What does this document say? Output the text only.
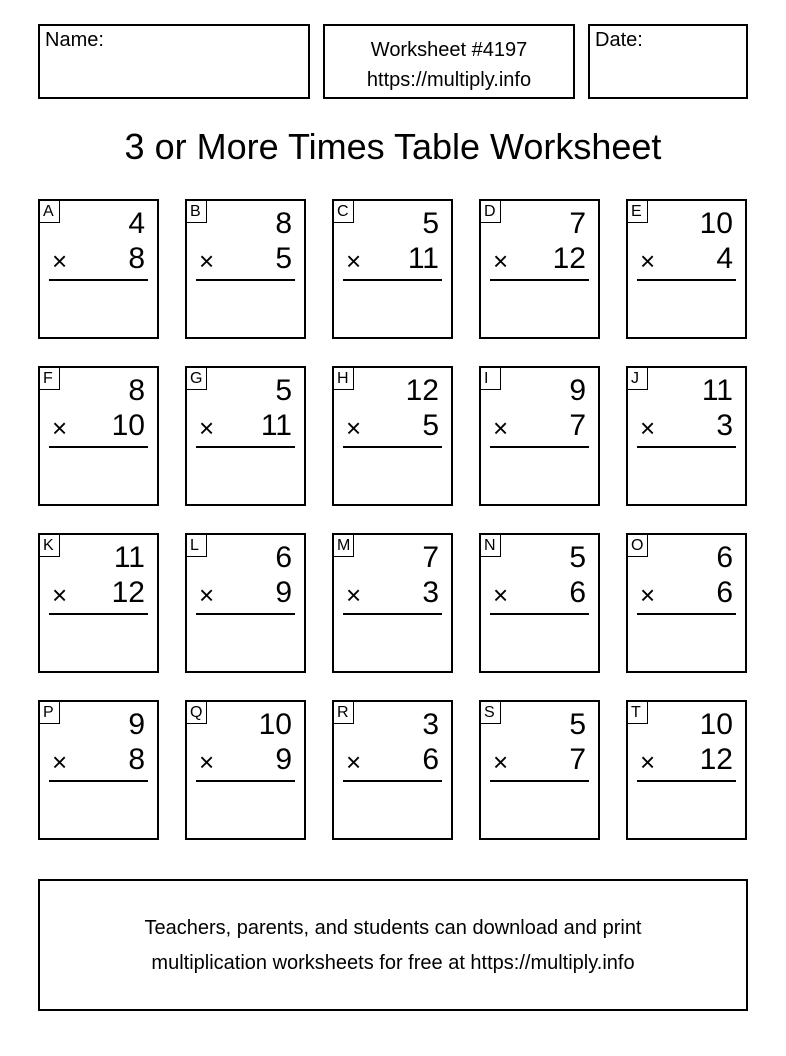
Name:	Worksheet #4197
https://multiply.info
Date:
3 or More Times Table Worksheet
A 4
× 8
B 8
× 5
C 5
× 11
D 7
× 12
E 10
× 4
F	8
× 10
G 5
× 11
H 12
× 5
I	9
× 7
J	11
× 3
K 11
× 12
L	6
× 9
M 7
× 3
N 5
× 6
O 6
× 6
P 9
× 8
Q 10
× 9
R 3
× 6
S 5
× 7
T 10
× 12
Teachers, parents, and students can download and print
multiplication worksheets for free at https://multiply.info
